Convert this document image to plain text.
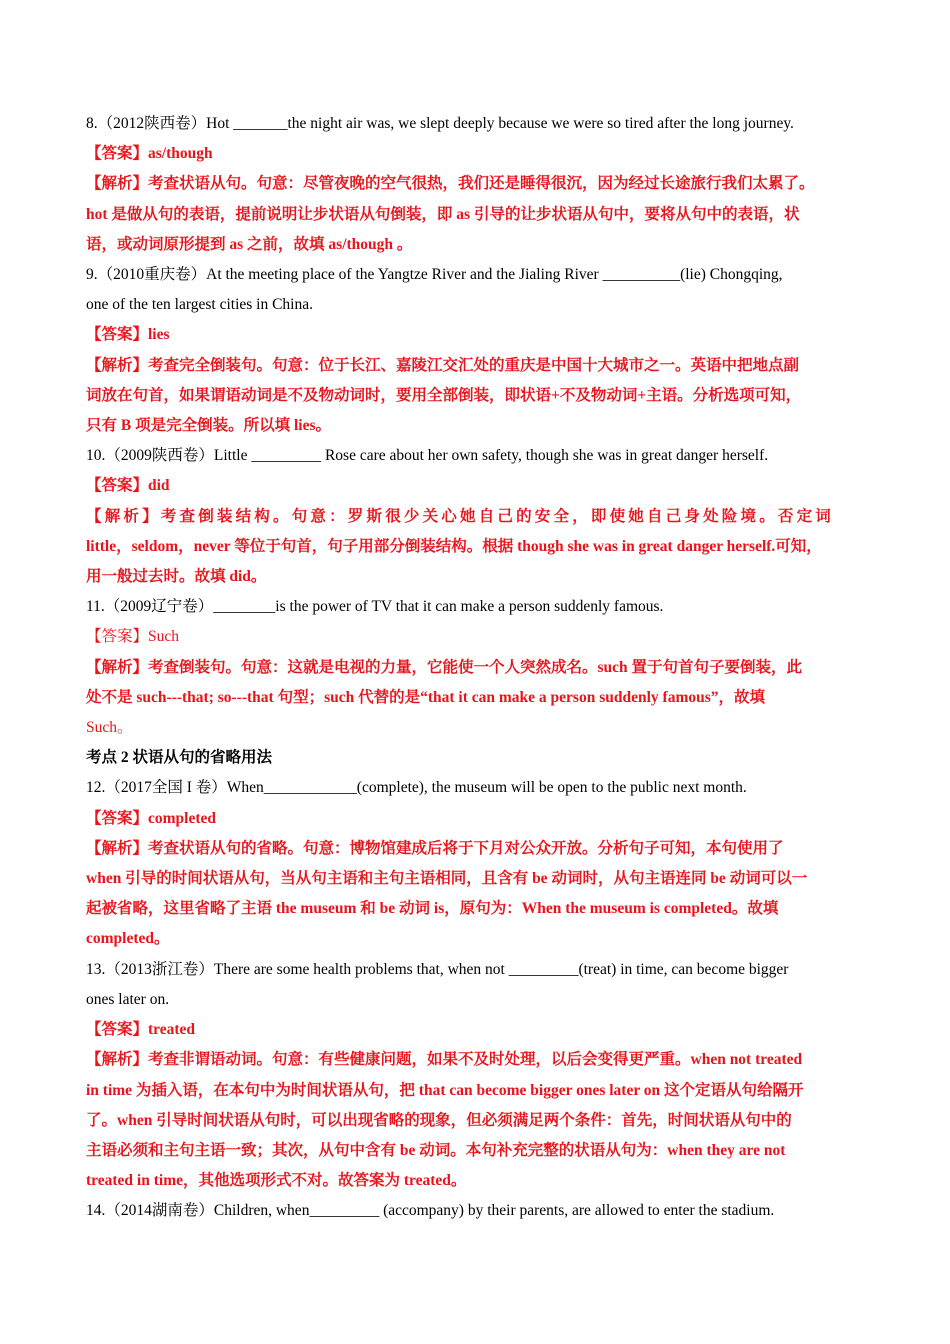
8.（2012陕西卷）Hot _______the night air was, we slept deeply because we were so tired after the long journey.
【答案】as/though
【解析】考查状语从句。句意：尽管夜晚的空气很热，我们还是睡得很沉，因为经过长途旅行我们太累了。
hot 是做从句的表语，提前说明让步状语从句倒装，即 as 引导的让步状语从句中，要将从句中的表语，状
语，或动词原形提到 as 之前，故填 as/though 。
9.（2010重庆卷）At the meeting place of the Yangtze River and the Jialing River __________(lie) Chongqing,
one of the ten largest cities in China.
【答案】lies
【解析】考查完全倒装句。句意：位于长江、嘉陵江交汇处的重庆是中国十大城市之一。英语中把地点副
词放在句首，如果谓语动词是不及物动词时，要用全部倒装，即状语+不及物动词+主语。分析选项可知，
只有 B 项是完全倒装。所以填 lies。
10.（2009陕西卷）Little _________ Rose care about her own safety, though she was in great danger herself.
【答案】did
【解析】考查倒装结构。句意：罗斯很少关心她自己的安全，即使她自己身处险境。否定词
little，seldom，never 等位于句首，句子用部分倒装结构。根据 though she was in great danger herself.可知，
用一般过去时。故填 did。
11.（2009辽宁卷）________is the power of TV that it can make a person suddenly famous.
【答案】Such
【解析】考查倒装句。句意：这就是电视的力量，它能使一个人突然成名。such 置于句首句子要倒装，此
处不是 such---that; so---that 句型；such 代替的是“that it can make a person suddenly famous”，故填
Such。
考点 2 状语从句的省略用法
12.（2017全国 I 卷）When____________(complete), the museum will be open to the public next month.
【答案】completed
【解析】考查状语从句的省略。句意：博物馆建成后将于下月对公众开放。分析句子可知，本句使用了
when 引导的时间状语从句，当从句主语和主句主语相同，且含有 be 动词时，从句主语连同 be 动词可以一
起被省略，这里省略了主语 the museum 和 be 动词 is，原句为：When the museum is completed。故填
completed。
13.（2013浙江卷）There are some health problems that, when not _________(treat) in time, can become bigger
ones later on.
【答案】treated
【解析】考查非谓语动词。句意：有些健康问题，如果不及时处理，以后会变得更严重。when not treated
in time 为插入语，在本句中为时间状语从句，把 that can become bigger ones later on 这个定语从句给隔开
了。when 引导时间状语从句时，可以出现省略的现象，但必须满足两个条件：首先，时间状语从句中的
主语必须和主句主语一致；其次，从句中含有 be 动词。本句补充完整的状语从句为：when they are not
treated in time，其他选项形式不对。故答案为 treated。
14.（2014湖南卷）Children, when_________ (accompany) by their parents, are allowed to enter the stadium.
